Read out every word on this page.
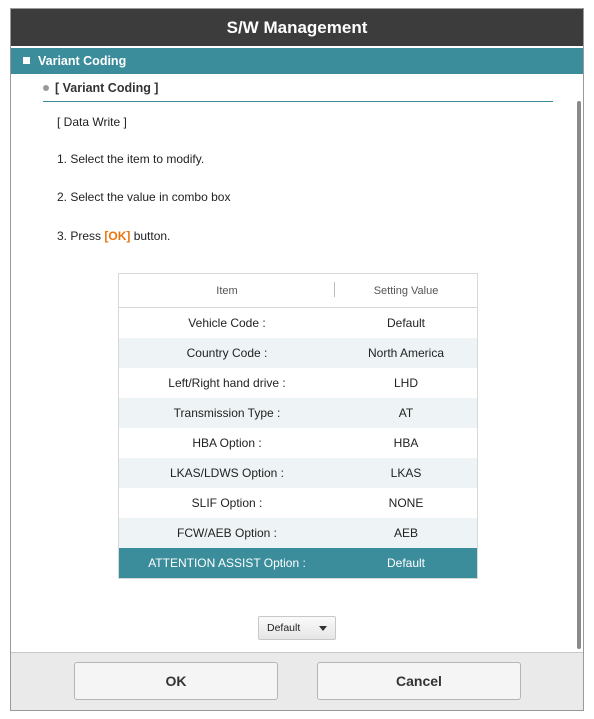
S/W Management
Variant Coding
[ Variant Coding ]
[ Data Write ]
1. Select the item to modify.
2. Select the value in combo box
3. Press [OK] button.
Item	Setting Value
Vehicle Code :	Default
Country Code :	North America
Left/Right hand drive :	LHD
Transmission Type :	AT
HBA Option :	HBA
LKAS/LDWS Option :	LKAS
SLIF Option :	NONE
FCW/AEB Option :	AEB
ATTENTION ASSIST Option :	Default
Default
OK	Cancel
